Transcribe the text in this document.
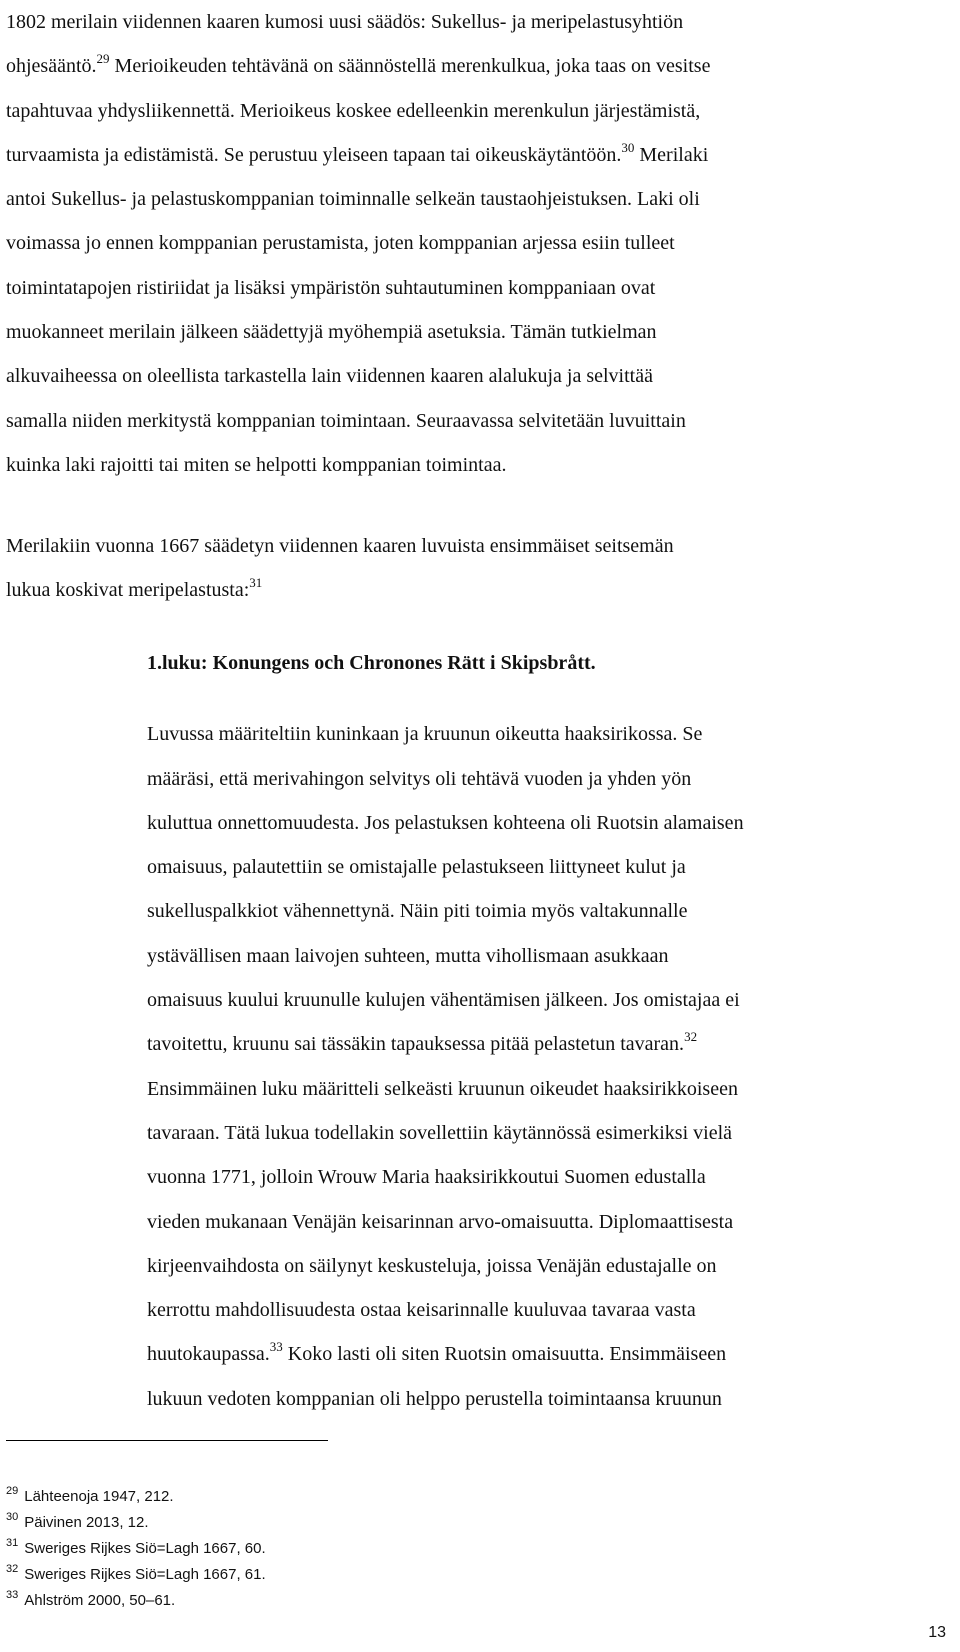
1802 merilain viidennen kaaren kumosi uusi säädös: Sukellus- ja meripelastusyhtiön
ohjesääntö.$^{29}$ Merioikeuden tehtävänä on säännöstellä merenkulkua, joka taas on vesitse
tapahtuvaa yhdysliikennettä. Merioikeus koskee edelleenkin merenkulun järjestämistä,
turvaamista ja edistämistä. Se perustuu yleiseen tapaan tai oikeuskäytäntöön.$^{30}$ Merilaki
antoi Sukellus- ja pelastuskomppanian toiminnalle selkeän taustaohjeistuksen. Laki oli
voimassa jo ennen komppanian perustamista, joten komppanian arjessa esiin tulleet
toimintatapojen ristiriidat ja lisäksi ympäristön suhtautuminen komppaniaan ovat
muokanneet merilain jälkeen säädettyjä myöhempiä asetuksia. Tämän tutkielman
alkuvaiheessa on oleellista tarkastella lain viidennen kaaren alalukuja ja selvittää
samalla niiden merkitystä komppanian toimintaan. Seuraavassa selvitetään luvuittain
kuinka laki rajoitti tai miten se helpotti komppanian toimintaa.

Merilakiin vuonna 1667 säädetyn viidennen kaaren luvuista ensimmäiset seitsemän
lukua koskivat meripelastusta:$^{31}$

1.luku: Konungens och Chronones Rätt i Skipsbrått.

Luvussa määriteltiin kuninkaan ja kruunun oikeutta haaksirikossa. Se
määräsi, että merivahingon selvitys oli tehtävä vuoden ja yhden yön
kuluttua onnettomuudesta. Jos pelastuksen kohteena oli Ruotsin alamaisen
omaisuus, palautettiin se omistajalle pelastukseen liittyneet kulut ja
sukelluspalkkiot vähennettynä. Näin piti toimia myös valtakunnalle
ystävällisen maan laivojen suhteen, mutta vihollismaan asukkaan
omaisuus kuului kruunulle kulujen vähentämisen jälkeen. Jos omistajaa ei
tavoitettu, kruunu sai tässäkin tapauksessa pitää pelastetun tavaran.$^{32}$
Ensimmäinen luku määritteli selkeästi kruunun oikeudet haaksirikkoiseen
tavaraan. Tätä lukua todellakin sovellettiin käytännössä esimerkiksi vielä
vuonna 1771, jolloin Wrouw Maria haaksirikkoutui Suomen edustalla
vieden mukanaan Venäjän keisarinnan arvo-omaisuutta. Diplomaattisesta
kirjeenvaihdosta on säilynyt keskusteluja, joissa Venäjän edustajalle on
kerrottu mahdollisuudesta ostaa keisarinnalle kuuluvaa tavaraa vasta
huutokaupassa.$^{33}$ Koko lasti oli siten Ruotsin omaisuutta. Ensimmäiseen
lukuun vedoten komppanian oli helppo perustella toimintaansa kruunun

$^{29}$ Lähteenoja 1947, 212.
$^{30}$ Päivinen 2013, 12.
$^{31}$ Sweriges Rijkes Siö=Lagh 1667, 60.
$^{32}$ Sweriges Rijkes Siö=Lagh 1667, 61.
$^{33}$ Ahlström 2000, 50–61.
13
